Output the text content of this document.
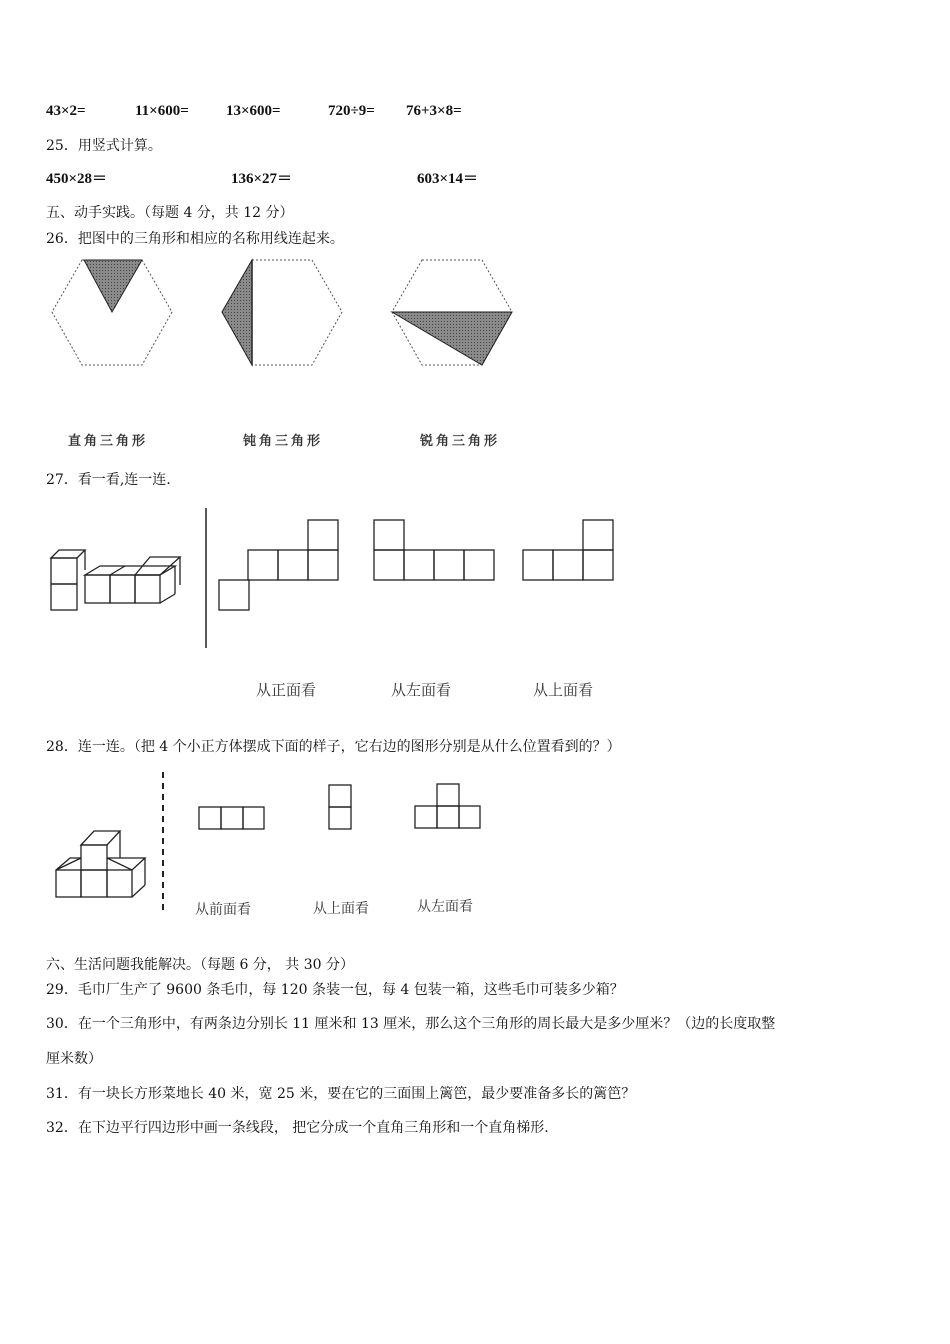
43×2=	11×600= 13×600=	720÷9= 76+3×8=
25．用竖式计算。
450×28＝	136×27＝	603×14＝
五、动手实践。（每题 4 分，共 12 分）
26．把图中的三角形和相应的名称用线连起来。
直角三角形	钝角三角形	锐角三角形
27．看一看,连一连.
从正面看	从左面看	从上面看
28．连一连。（把 4 个小正方体摆成下面的样子，它右边的图形分别是从什么位置看到的？）
从前面看	从上面看	从左面看
六、生活问题我能解决。（每题 6 分， 共 30 分）
29．毛巾厂生产了 9600 条毛巾，每 120 条装一包，每 4 包装一箱，这些毛巾可装多少箱？
30．在一个三角形中，有两条边分别长 11 厘米和 13 厘米，那么这个三角形的周长最大是多少厘米？（边的长度取整
厘米数）
31．有一块长方形菜地长 40 米，宽 25 米，要在它的三面围上篱笆，最少要准备多长的篱笆？
32．在下边平行四边形中画一条线段， 把它分成一个直角三角形和一个直角梯形.
